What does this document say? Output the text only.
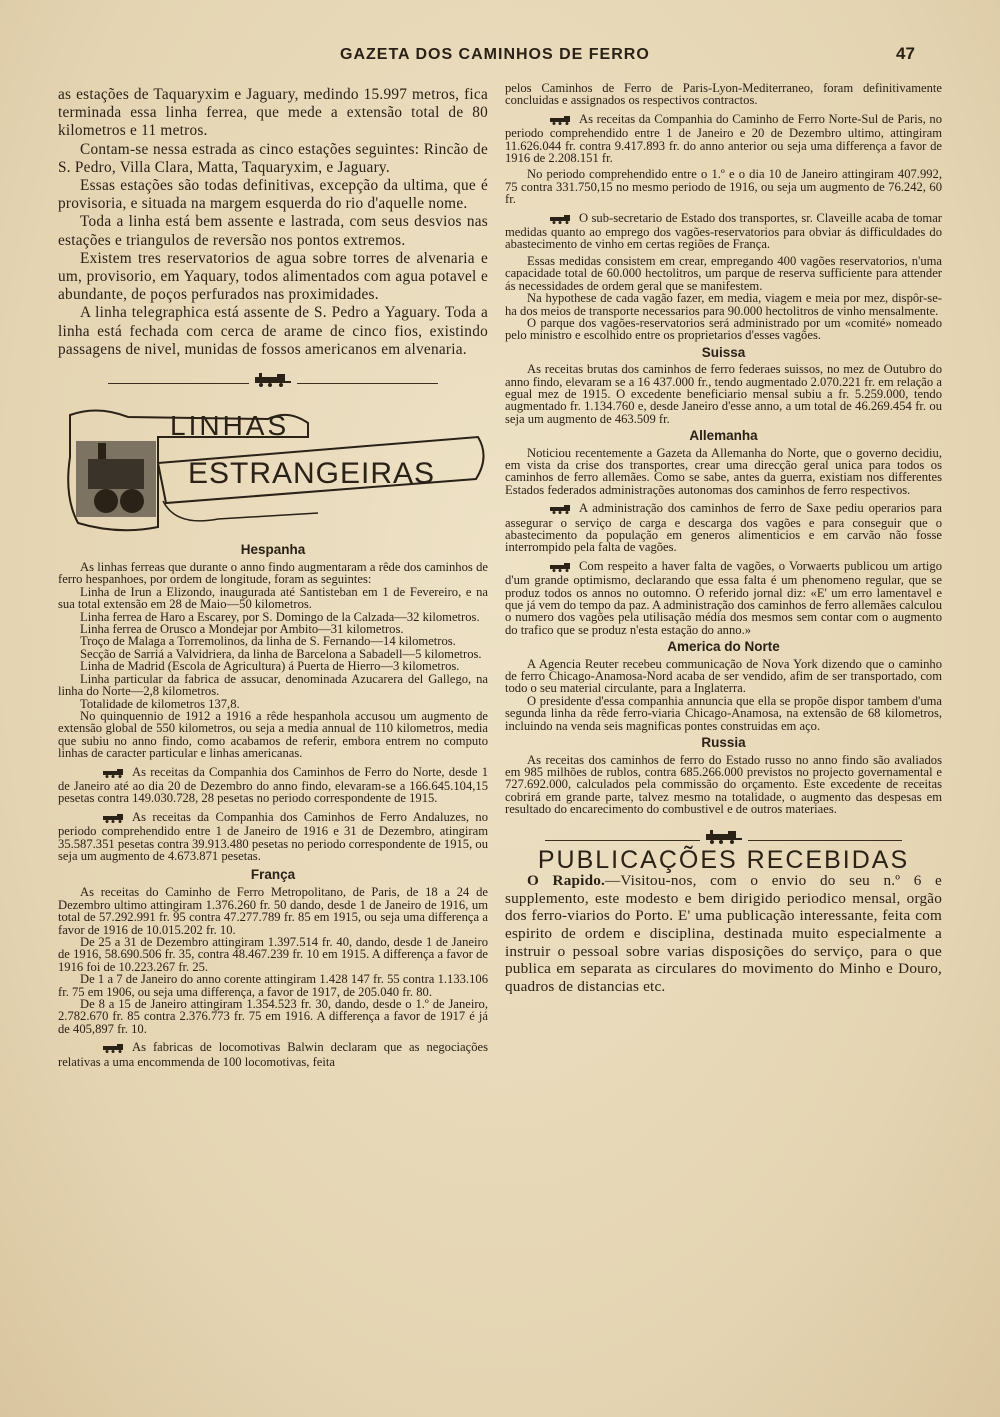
GAZETA DOS CAMINHOS DE FERRO	47

as estações de Taquaryxim e Jaguary, medindo 15.997 metros, fica terminada essa linha ferrea, que mede a extensão total de 80 kilometros e 11 metros.

Contam-se nessa estrada as cinco estações seguintes: Rincão de S. Pedro, Villa Clara, Matta, Taquaryxim, e Jaguary.

Essas estações são todas definitivas, excepção da ultima, que é provisoria, e situada na margem esquerda do rio d'aquelle nome.

Toda a linha está bem assente e lastrada, com seus desvios nas estações e triangulos de reversão nos pontos extremos.

Existem tres reservatorios de agua sobre torres de alvenaria e um, provisorio, em Yaquary, todos alimentados com agua potavel e abundante, de poços perfurados nas proximidades.

A linha telegraphica está assente de S. Pedro a Yaguary. Toda a linha está fechada com cerca de arame de cinco fios, existindo passagens de nivel, munidas de fossos americanos em alvenaria.

LINHAS
ESTRANGEIRAS
Hespanha

As linhas ferreas que durante o anno findo augmentaram a rêde dos caminhos de ferro hespanhoes, por ordem de longitude, foram as seguintes:

Linha de Irun a Elizondo, inaugurada até Santisteban em 1 de Fevereiro, e na sua total extensão em 28 de Maio—50 kilometros.

Linha ferrea de Haro a Escarey, por S. Domingo de la Calzada—32 kilometros.

Linha ferrea de Orusco a Mondejar por Ambito—31 kilometros.

Troço de Malaga a Torremolinos, da linha de S. Fernando—14 kilometros.

Secção de Sarriá a Valvidriera, da linha de Barcelona a Sabadell—5 kilometros.

Linha de Madrid (Escola de Agricultura) á Puerta de Hierro—3 kilometros.

Linha particular da fabrica de assucar, denominada Azucarera del Gallego, na linha do Norte—2,8 kilometros.

Totalidade de kilometros 137,8.

No quinquennio de 1912 a 1916 a rêde hespanhola accusou um augmento de extensão global de 550 kilometros, ou seja a media annual de 110 kilometros, media que subiu no anno findo, como acabamos de referir, embora entrem no computo linhas de caracter particular e linhas americanas.

As receitas da Companhia dos Caminhos de Ferro do Norte, desde 1 de Janeiro até ao dia 20 de Dezembro do anno findo, elevaram-se a 166.645.104,15 pesetas contra 149.030.728, 28 pesetas no periodo correspondente de 1915.

As receitas da Companhia dos Caminhos de Ferro Andaluzes, no periodo comprehendido entre 1 de Janeiro de 1916 e 31 de Dezembro, atingiram 35.587.351 pesetas contra 39.913.480 pesetas no periodo correspondente de 1915, ou seja um augmento de 4.673.871 pesetas.

França

As receitas do Caminho de Ferro Metropolitano, de Paris, de 18 a 24 de Dezembro ultimo attingiram 1.376.260 fr. 50 dando, desde 1 de Janeiro de 1916, um total de 57.292.991 fr. 95 contra 47.277.789 fr. 85 em 1915, ou seja uma differença a favor de 1916 de 10.015.202 fr. 10.

De 25 a 31 de Dezembro attingiram 1.397.514 fr. 40, dando, desde 1 de Janeiro de 1916, 58.690.506 fr. 35, contra 48.467.239 fr. 10 em 1915. A differença a favor de 1916 foi de 10.223.267 fr. 25.

De 1 a 7 de Janeiro do anno corente attingiram 1.428 147 fr. 55 contra 1.133.106 fr. 75 em 1906, ou seja uma differença, a favor de 1917, de 205.040 fr. 80.

De 8 a 15 de Janeiro attingiram 1.354.523 fr. 30, dando, desde o 1.º de Janeiro, 2.782.670 fr. 85 contra 2.376.773 fr. 75 em 1916. A differença a favor de 1917 é já de 405,897 fr. 10.

As fabricas de locomotivas Balwin declaram que as negociações relativas a uma encommenda de 100 locomotivas, feita

pelos Caminhos de Ferro de Paris-Lyon-Mediterraneo, foram definitivamente concluidas e assignados os respectivos contractos.

As receitas da Companhia do Caminho de Ferro Norte-Sul de Paris, no periodo comprehendido entre 1 de Janeiro e 20 de Dezembro ultimo, attingiram 11.626.044 fr. contra 9.417.893 fr. do anno anterior ou seja uma differença a favor de 1916 de 2.208.151 fr.

No periodo comprehendido entre o 1.º e o dia 10 de Janeiro attingiram 407.992, 75 contra 331.750,15 no mesmo periodo de 1916, ou seja um augmento de 76.242, 60 fr.

O sub-secretario de Estado dos transportes, sr. Claveille acaba de tomar medidas quanto ao emprego dos vagões-reservatorios para obviar ás difficuldades do abastecimento de vinho em certas regiões de França.

Essas medidas consistem em crear, empregando 400 vagões reservatorios, n'uma capacidade total de 60.000 hectolitros, um parque de reserva sufficiente para attender ás necessidades de ordem geral que se manifestem.

Na hypothese de cada vagão fazer, em media, viagem e meia por mez, dispôr-se-ha dos meios de transporte necessarios para 90.000 hectolitros de vinho mensalmente.

O parque dos vagões-reservatorios será administrado por um «comité» nomeado pelo ministro e escolhido entre os proprietarios d'esses vagões.

Suissa

As receitas brutas dos caminhos de ferro federaes suissos, no mez de Outubro do anno findo, elevaram se a 16 437.000 fr., tendo augmentado 2.070.221 fr. em relação a egual mez de 1915. O excedente beneficiario mensal subiu a fr. 5.259.000, tendo augmentado fr. 1.134.760 e, desde Janeiro d'esse anno, a um total de 46.269.454 fr. ou seja um augmento de 463.509 fr.

Allemanha

Noticiou recentemente a Gazeta da Allemanha do Norte, que o governo decidiu, em vista da crise dos transportes, crear uma direcção geral unica para todos os caminhos de ferro allemães. Como se sabe, antes da guerra, existiam nos differentes Estados federados administrações autonomas dos caminhos de ferro respectivos.

A administração dos caminhos de ferro de Saxe pediu operarios para assegurar o serviço de carga e descarga dos vagões e para conseguir que o abastecimento da população em generos alimenticios e em carvão não fosse interrompido pela falta de vagões.

Com respeito a haver falta de vagões, o Vorwaerts publicou um artigo d'um grande optimismo, declarando que essa falta é um phenomeno regular, que se produz todos os annos no outomno. O referido jornal diz: «E' um erro lamentavel e que já vem do tempo da paz. A administração dos caminhos de ferro allemães calculou o numero dos vagões pela utilisação média dos mesmos sem contar com o augmento do trafico que se produz n'esta estação do anno.»

America do Norte

A Agencia Reuter recebeu communicação de Nova York dizendo que o caminho de ferro Chicago-Anamosa-Nord acaba de ser vendido, afim de ser transportado, com todo o seu material circulante, para a Inglaterra.

O presidente d'essa companhia annuncia que ella se propõe dispor tambem d'uma segunda linha da rêde ferro-viaria Chicago-Anamosa, na extensão de 68 kilometros, incluindo na venda seis magnificas pontes construidas em aço.

Russia

As receitas dos caminhos de ferro do Estado russo no anno findo são avaliados em 985 milhões de rublos, contra 685.266.000 previstos no projecto governamental e 727.692.000, calculados pela commissão do orçamento. Este excedente de receitas cobrirá em grande parte, talvez mesmo na totalidade, o augmento das despesas em resultado do encarecimento do combustivel e de outros materiaes.

PUBLICAÇÕES RECEBIDAS

O Rapido.—Visitou-nos, com o envio do seu n.º 6 e supplemento, este modesto e bem dirigido periodico mensal, orgão dos ferro-viarios do Porto. E' uma publicação interessante, feita com espirito de ordem e disciplina, destinada muito especialmente a instruir o pessoal sobre varias disposições do serviço, para o que publica em separata as circulares do movimento do Minho e Douro, quadros de distancias etc.
